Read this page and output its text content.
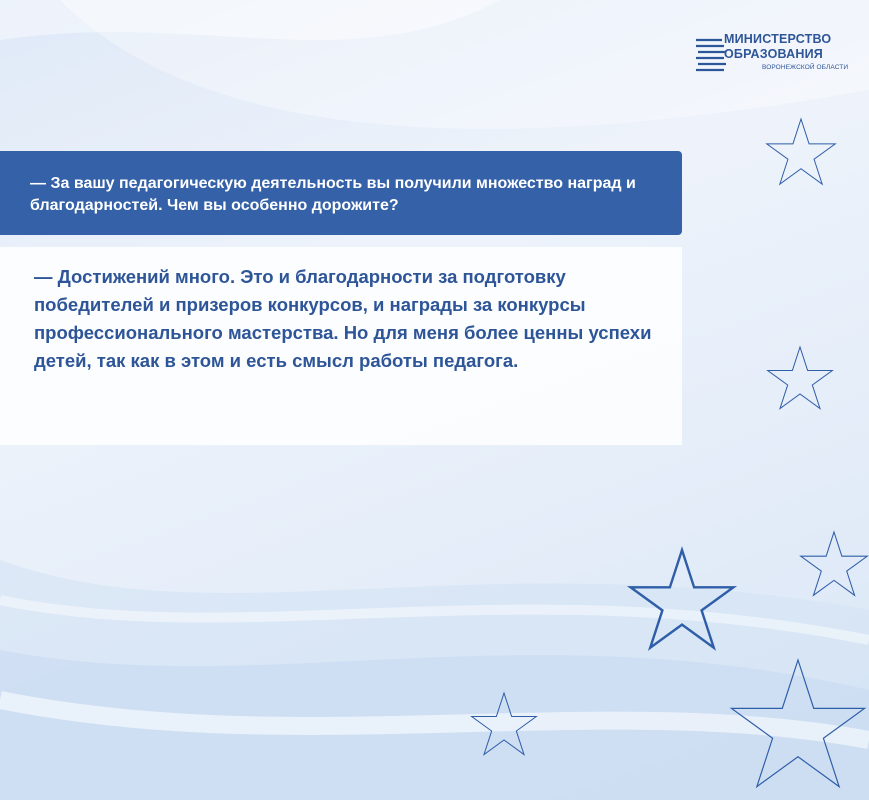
МИНИСТЕРСТВО
ОБРАЗОВАНИЯ
ВОРОНЕЖСКОЙ ОБЛАСТИ

— За вашу педагогическую деятельность вы получили множество наград и благодарностей. Чем вы особенно дорожите?

— Достижений много. Это и благодарности за подготовку победителей и призеров конкурсов, и награды за конкурсы профессионального мастерства. Но для меня более ценны успехи детей, так как в этом и есть смысл работы педагога.
